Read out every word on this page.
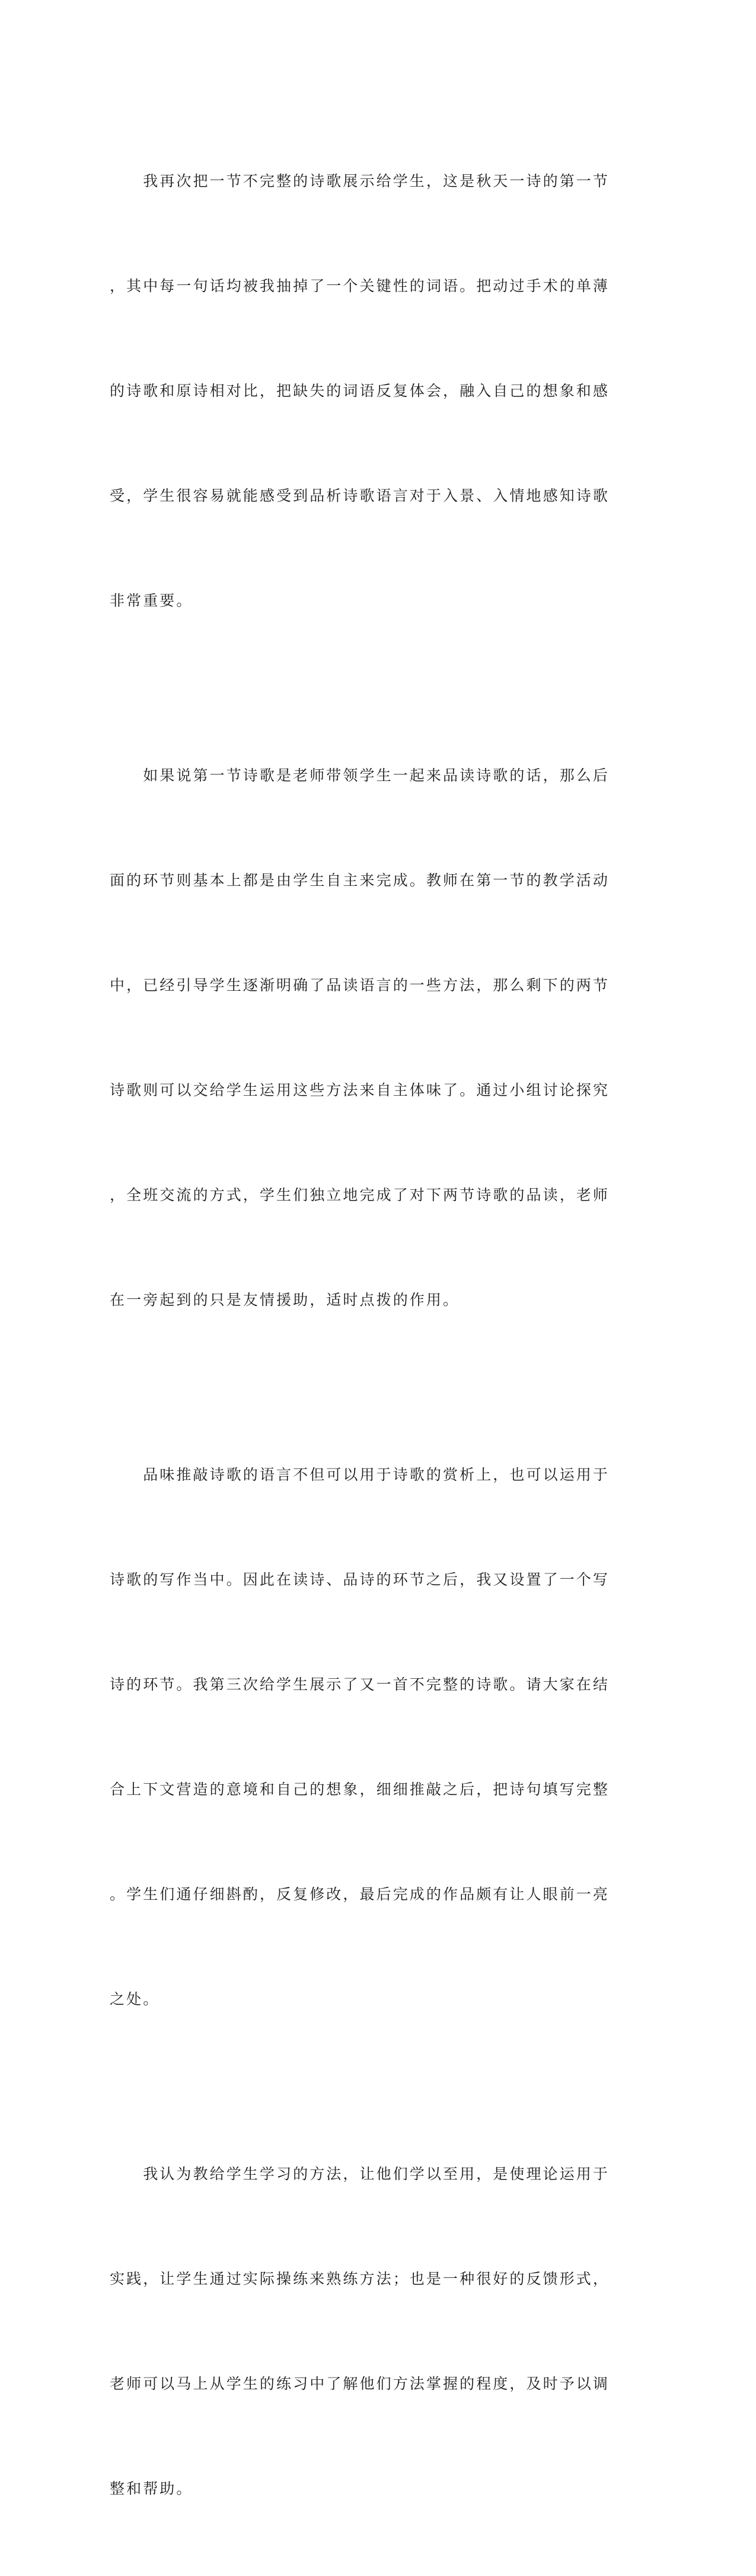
　　我再次把一节不完整的诗歌展示给学生，这是秋天一诗的第一节

，其中每一句话均被我抽掉了一个关键性的词语。把动过手术的单薄

的诗歌和原诗相对比，把缺失的词语反复体会，融入自己的想象和感

受，学生很容易就能感受到品析诗歌语言对于入景、入情地感知诗歌

非常重要。

　　如果说第一节诗歌是老师带领学生一起来品读诗歌的话，那么后

面的环节则基本上都是由学生自主来完成。教师在第一节的教学活动

中，已经引导学生逐渐明确了品读语言的一些方法，那么剩下的两节

诗歌则可以交给学生运用这些方法来自主体味了。通过小组讨论探究

，全班交流的方式，学生们独立地完成了对下两节诗歌的品读，老师

在一旁起到的只是友情援助，适时点拨的作用。

　　品味推敲诗歌的语言不但可以用于诗歌的赏析上，也可以运用于

诗歌的写作当中。因此在读诗、品诗的环节之后，我又设置了一个写

诗的环节。我第三次给学生展示了又一首不完整的诗歌。请大家在结

合上下文营造的意境和自己的想象，细细推敲之后，把诗句填写完整

。学生们通仔细斟酌，反复修改，最后完成的作品颇有让人眼前一亮

之处。

　　我认为教给学生学习的方法，让他们学以至用，是使理论运用于

实践，让学生通过实际操练来熟练方法；也是一种很好的反馈形式，

老师可以马上从学生的练习中了解他们方法掌握的程度，及时予以调

整和帮助。
